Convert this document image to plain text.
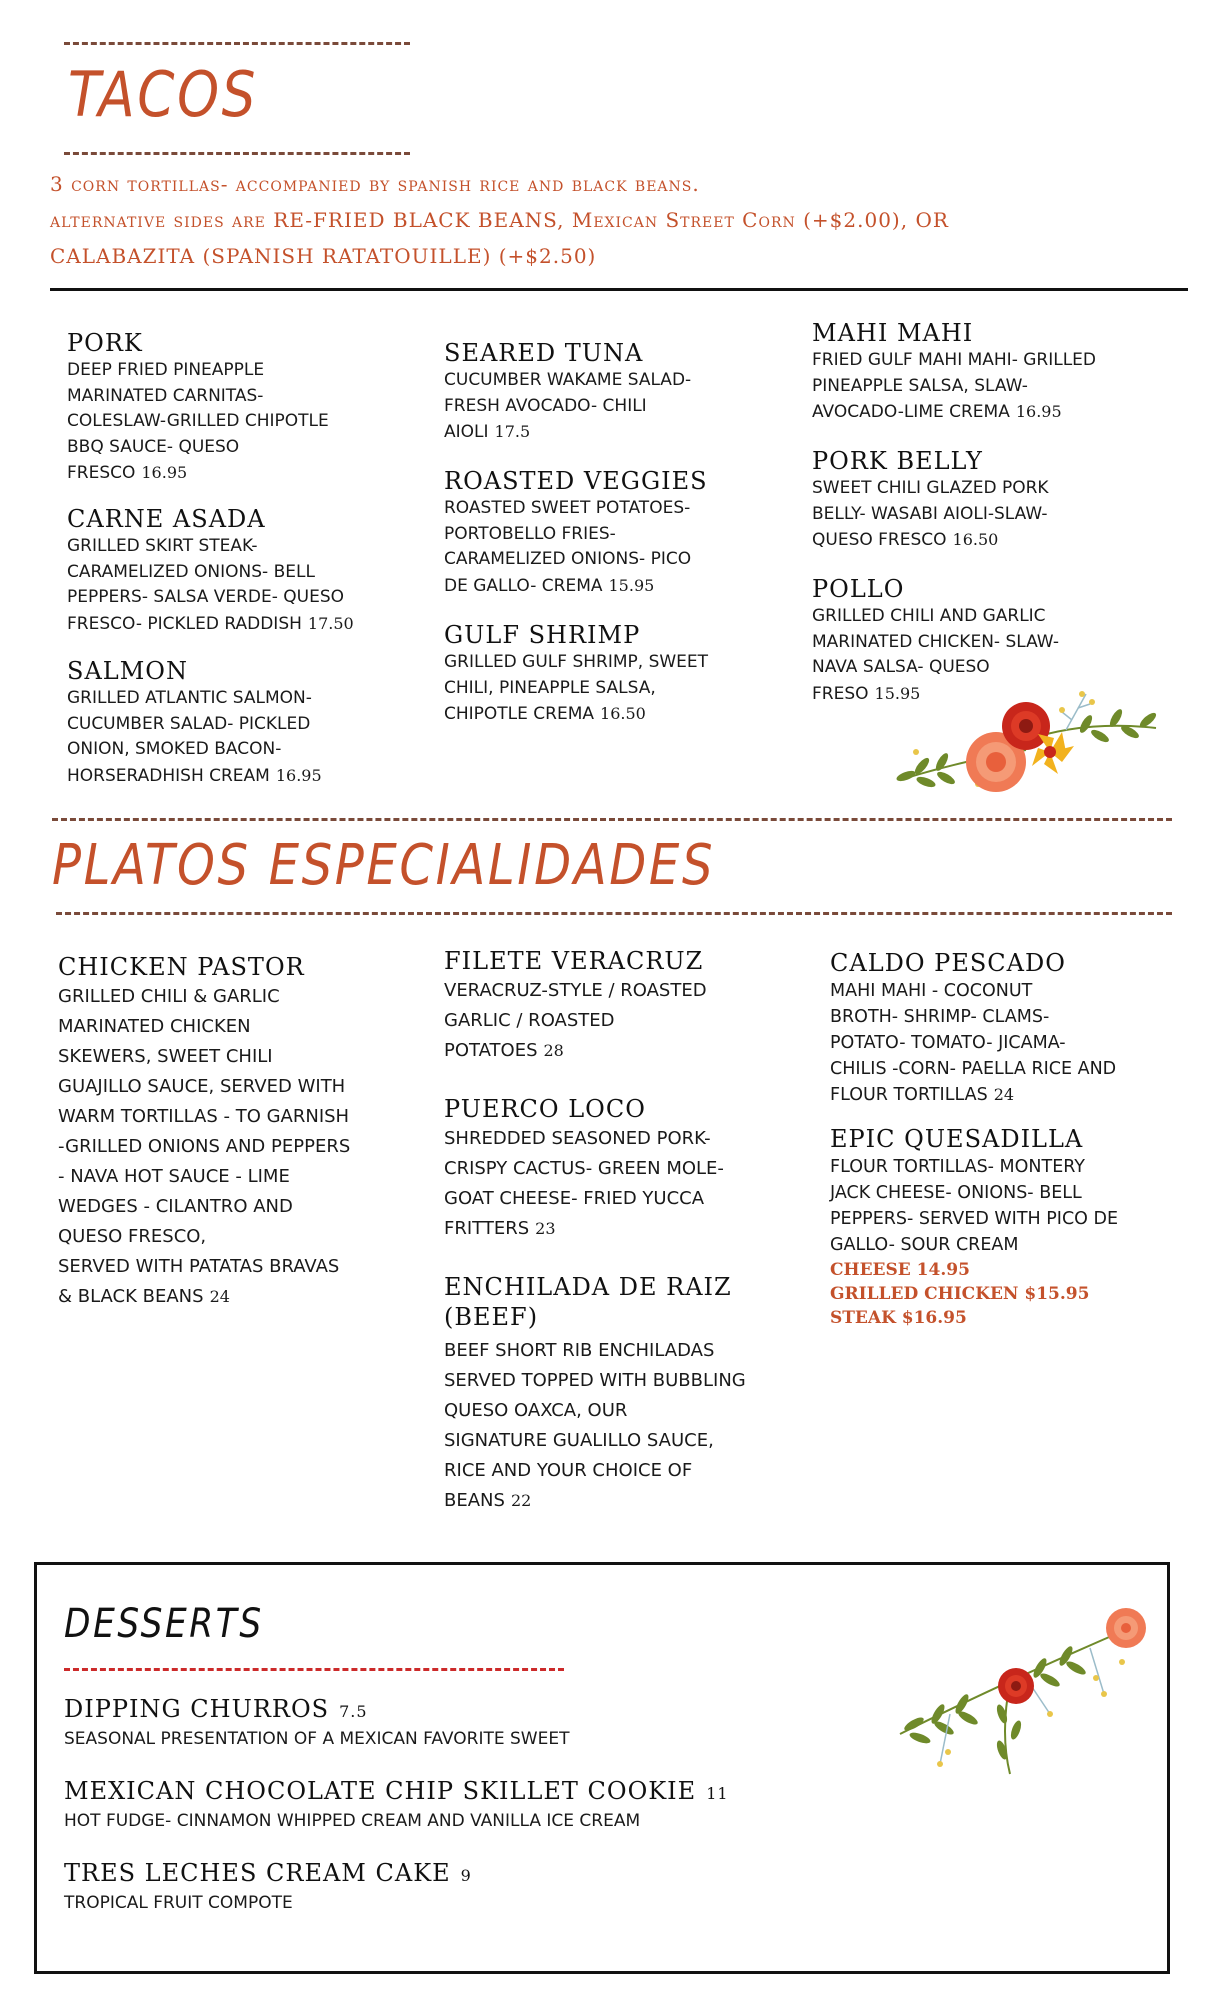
TACOS
3 corn tortillas- accompanied by spanish rice and black beans.
alternative sides are RE-FRIED BLACK BEANS, Mexican Street Corn (+$2.00), OR
CALABAZITA (SPANISH RATATOUILLE) (+$2.50)
PORK
DEEP FRIED PINEAPPLE
MARINATED CARNITAS-
COLESLAW-GRILLED CHIPOTLE
BBQ SAUCE- QUESO
FRESCO 16.95
CARNE ASADA
GRILLED SKIRT STEAK-
CARAMELIZED ONIONS- BELL
PEPPERS- SALSA VERDE- QUESO
FRESCO- PICKLED RADDISH 17.50
SALMON
GRILLED ATLANTIC SALMON-
CUCUMBER SALAD- PICKLED
ONION, SMOKED BACON-
HORSERADHISH CREAM 16.95
SEARED TUNA
CUCUMBER WAKAME SALAD-
FRESH AVOCADO- CHILI
AIOLI 17.5
ROASTED VEGGIES
ROASTED SWEET POTATOES-
PORTOBELLO FRIES-
CARAMELIZED ONIONS- PICO
DE GALLO- CREMA 15.95
GULF SHRIMP
GRILLED GULF SHRIMP, SWEET
CHILI, PINEAPPLE SALSA,
CHIPOTLE CREMA 16.50
MAHI MAHI
FRIED GULF MAHI MAHI- GRILLED
PINEAPPLE SALSA, SLAW-
AVOCADO-LIME CREMA 16.95
PORK BELLY
SWEET CHILI GLAZED PORK
BELLY- WASABI AIOLI-SLAW-
QUESO FRESCO 16.50
POLLO
GRILLED CHILI AND GARLIC
MARINATED CHICKEN- SLAW-
NAVA SALSA- QUESO
FRESO 15.95
PLATOS ESPECIALIDADES
CHICKEN PASTOR
GRILLED CHILI & GARLIC
MARINATED CHICKEN
SKEWERS, SWEET CHILI
GUAJILLO SAUCE, SERVED WITH
WARM TORTILLAS - TO GARNISH
-GRILLED ONIONS AND PEPPERS
- NAVA HOT SAUCE - LIME
WEDGES - CILANTRO AND
QUESO FRESCO,
SERVED WITH PATATAS BRAVAS
& BLACK BEANS 24
FILETE VERACRUZ
VERACRUZ-STYLE / ROASTED
GARLIC / ROASTED
POTATOES 28
PUERCO LOCO
SHREDDED SEASONED PORK-
CRISPY CACTUS- GREEN MOLE-
GOAT CHEESE- FRIED YUCCA
FRITTERS 23
ENCHILADA DE RAIZ
(BEEF)
BEEF SHORT RIB ENCHILADAS
SERVED TOPPED WITH BUBBLING
QUESO OAXCA, OUR
SIGNATURE GUALILLO SAUCE,
RICE AND YOUR CHOICE OF
BEANS 22
CALDO PESCADO
MAHI MAHI - COCONUT
BROTH- SHRIMP- CLAMS-
POTATO- TOMATO- JICAMA-
CHILIS -CORN- PAELLA RICE AND
FLOUR TORTILLAS 24
EPIC QUESADILLA
FLOUR TORTILLAS- MONTERY
JACK CHEESE- ONIONS- BELL
PEPPERS- SERVED WITH PICO DE
GALLO- SOUR CREAM
CHEESE 14.95
GRILLED CHICKEN $15.95
STEAK $16.95
DESSERTS
DIPPING CHURROS 7.5
SEASONAL PRESENTATION OF A MEXICAN FAVORITE SWEET
MEXICAN CHOCOLATE CHIP SKILLET COOKIE 11
HOT FUDGE- CINNAMON WHIPPED CREAM AND VANILLA ICE CREAM
TRES LECHES CREAM CAKE 9
TROPICAL FRUIT COMPOTE
